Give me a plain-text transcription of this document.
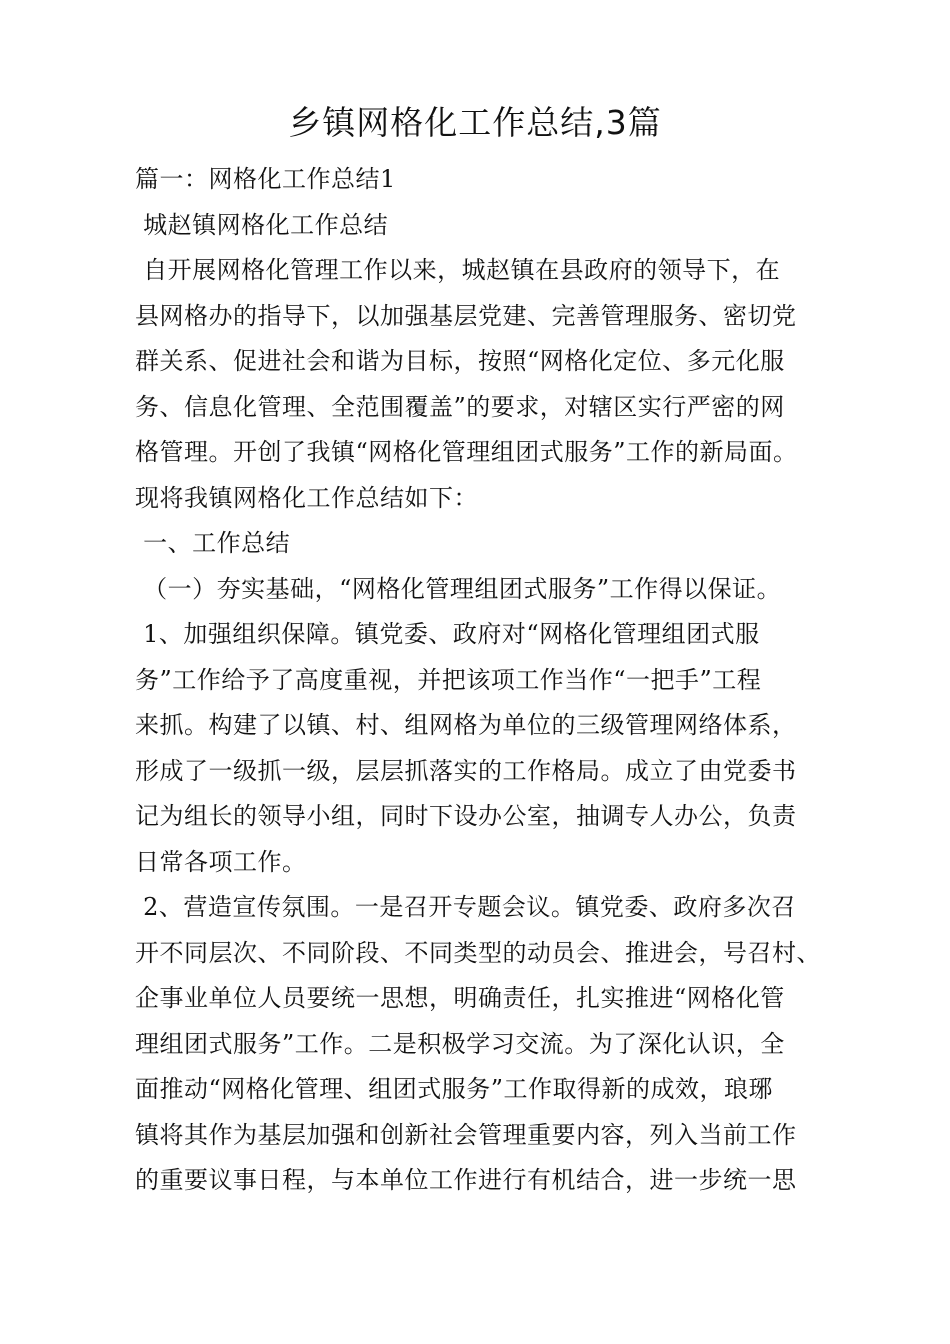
乡镇网格化工作总结,3篇

篇一：网格化工作总结1

城赵镇网格化工作总结

自开展网格化管理工作以来，城赵镇在县政府的领导下，在

县网格办的指导下，以加强基层党建、完善管理服务、密切党

群关系、促进社会和谐为目标，按照“网格化定位、多元化服

务、信息化管理、全范围覆盖”的要求，对辖区实行严密的网

格管理。开创了我镇“网格化管理组团式服务”工作的新局面。

现将我镇网格化工作总结如下：

一、工作总结

（一）夯实基础，“网格化管理组团式服务”工作得以保证。

1、加强组织保障。镇党委、政府对“网格化管理组团式服

务”工作给予了高度重视，并把该项工作当作“一把手”工程

来抓。构建了以镇、村、组网格为单位的三级管理网络体系，

形成了一级抓一级，层层抓落实的工作格局。成立了由党委书

记为组长的领导小组，同时下设办公室，抽调专人办公，负责

日常各项工作。

2、营造宣传氛围。一是召开专题会议。镇党委、政府多次召

开不同层次、不同阶段、不同类型的动员会、推进会，号召村、

企事业单位人员要统一思想，明确责任，扎实推进“网格化管

理组团式服务”工作。二是积极学习交流。为了深化认识，全

面推动“网格化管理、组团式服务”工作取得新的成效，琅琊

镇将其作为基层加强和创新社会管理重要内容，列入当前工作

的重要议事日程，与本单位工作进行有机结合，进一步统一思
